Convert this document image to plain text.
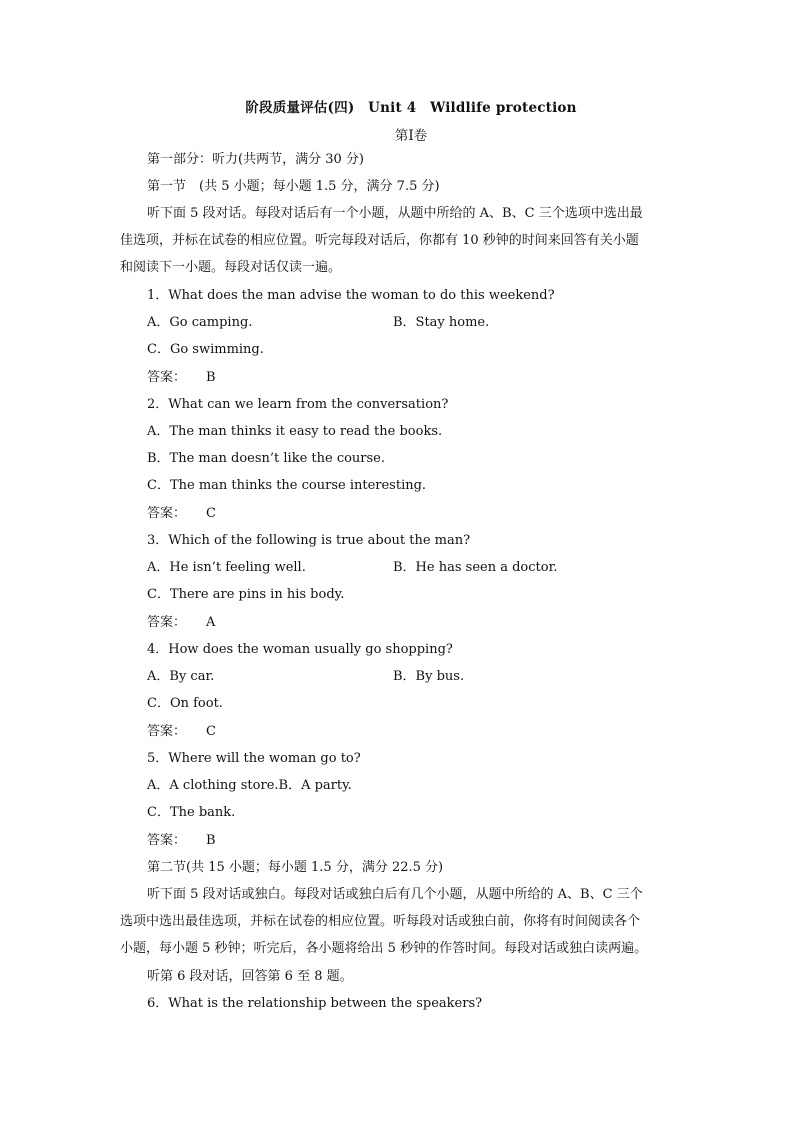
阶段质量评估(四)　Unit 4　Wildlife protection
第Ⅰ卷
第一部分：听力(共两节，满分 30 分)
第一节　(共 5 小题；每小题 1.5 分，满分 7.5 分)
听下面 5 段对话。每段对话后有一个小题，从题中所给的 A、B、C 三个选项中选出最
佳选项，并标在试卷的相应位置。听完每段对话后，你都有 10 秒钟的时间来回答有关小题
和阅读下一小题。每段对话仅读一遍。
1．What does the man advise the woman to do this weekend?
A．Go camping.	B．Stay home.
C．Go swimming.
答案： B
2．What can we learn from the conversation?
A．The man thinks it easy to read the books.
B．The man doesn’t like the course.
C．The man thinks the course interesting.
答案： C
3．Which of the following is true about the man?
A．He isn’t feeling well.	B．He has seen a doctor.
C．There are pins in his body.
答案： A
4．How does the woman usually go shopping?
A．By car.	B．By bus.
C．On foot.
答案： C
5．Where will the woman go to?
A．A clothing store.B．A party.
C．The bank.
答案： B
第二节(共 15 小题；每小题 1.5 分，满分 22.5 分)
听下面 5 段对话或独白。每段对话或独白后有几个小题，从题中所给的 A、B、C 三个
选项中选出最佳选项，并标在试卷的相应位置。听每段对话或独白前，你将有时间阅读各个
小题，每小题 5 秒钟；听完后，各小题将给出 5 秒钟的作答时间。每段对话或独白读两遍。
听第 6 段对话，回答第 6 至 8 题。
6．What is the relationship between the speakers?
